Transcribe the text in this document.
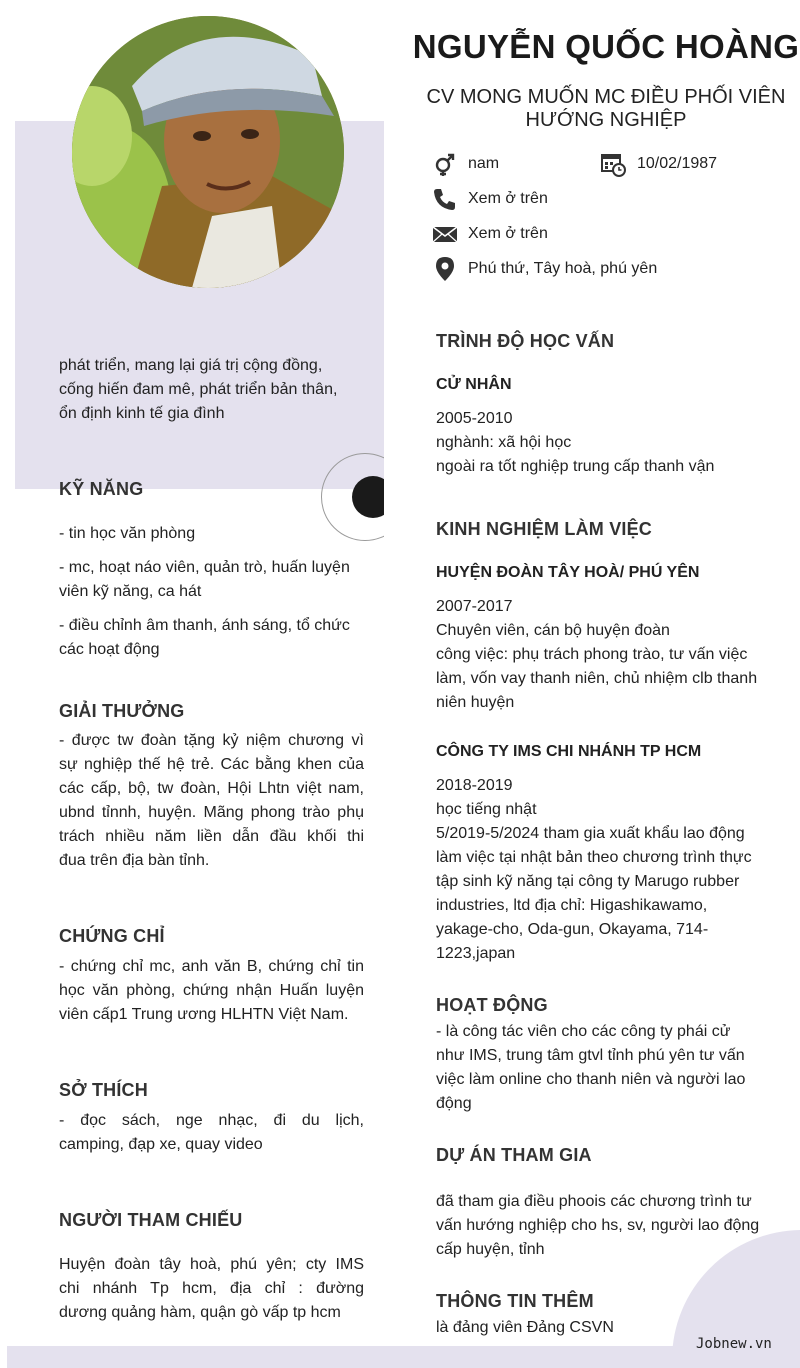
NGUYỄN QUỐC HOÀNG
CV MONG MUỐN MC ĐIỀU PHỐI VIÊN
HƯỚNG NGHIỆP
nam	10/02/1987
Xem ở trên
Xem ở trên
Phú thứ, Tây hoà, phú yên
phát triển, mang lại giá trị cộng đồng,
cống hiến đam mê, phát triển bản thân,
ổn định kinh tế gia đình
KỸ NĂNG
- tin học văn phòng
- mc, hoạt náo viên, quản trò, huấn luyện
viên kỹ năng, ca hát
- điều chỉnh âm thanh, ánh sáng, tổ chức
các hoạt động
GIẢI THƯỞNG
- được tw đoàn tặng kỷ niệm chương vì
sự nghiệp thế hệ trẻ. Các bằng khen của
các cấp, bộ, tw đoàn, Hội Lhtn việt nam,
ubnd tỉnnh, huyện. Mãng phong trào phụ
trách nhiều năm liền dẫn đầu khối thi
đua trên địa bàn tỉnh.
CHỨNG CHỈ
- chứng chỉ mc, anh văn B, chứng chỉ tin
học văn phòng, chứng nhận Huấn luyện
viên cấp1 Trung ương HLHTN Việt Nam.
SỞ THÍCH
- đọc sách, nge nhạc, đi du lịch,
camping, đạp xe, quay video
NGƯỜI THAM CHIẾU
Huyện đoàn tây hoà, phú yên; cty IMS
chi nhánh Tp hcm, địa chỉ : đường
dương quảng hàm, quận gò vấp tp hcm
TRÌNH ĐỘ HỌC VẤN
CỬ NHÂN
2005-2010
nghành: xã hội học
ngoài ra tốt nghiệp trung cấp thanh vận
KINH NGHIỆM LÀM VIỆC
HUYỆN ĐOÀN TÂY HOÀ/ PHÚ YÊN
2007-2017
Chuyên viên, cán bộ huyện đoàn
công việc: phụ trách phong trào, tư vấn việc
làm, vốn vay thanh niên, chủ nhiệm clb thanh
niên huyện
CÔNG TY IMS CHI NHÁNH TP HCM
2018-2019
học tiếng nhật
5/2019-5/2024 tham gia xuất khẩu lao động
làm việc tại nhật bản theo chương trình thực
tập sinh kỹ năng tại công ty Marugo rubber
industries, ltd địa chỉ: Higashikawamo,
yakage-cho, Oda-gun, Okayama, 714-
1223,japan
HOẠT ĐỘNG
- là công tác viên cho các công ty phái cử
như IMS, trung tâm gtvl tỉnh phú yên tư vấn
việc làm online cho thanh niên và người lao
động
DỰ ÁN THAM GIA
đã tham gia điều phoois các chương trình tư
vấn hướng nghiệp cho hs, sv, người lao động
cấp huyện, tỉnh
THÔNG TIN THÊM
là đảng viên Đảng CSVN
Jobnew.vn
